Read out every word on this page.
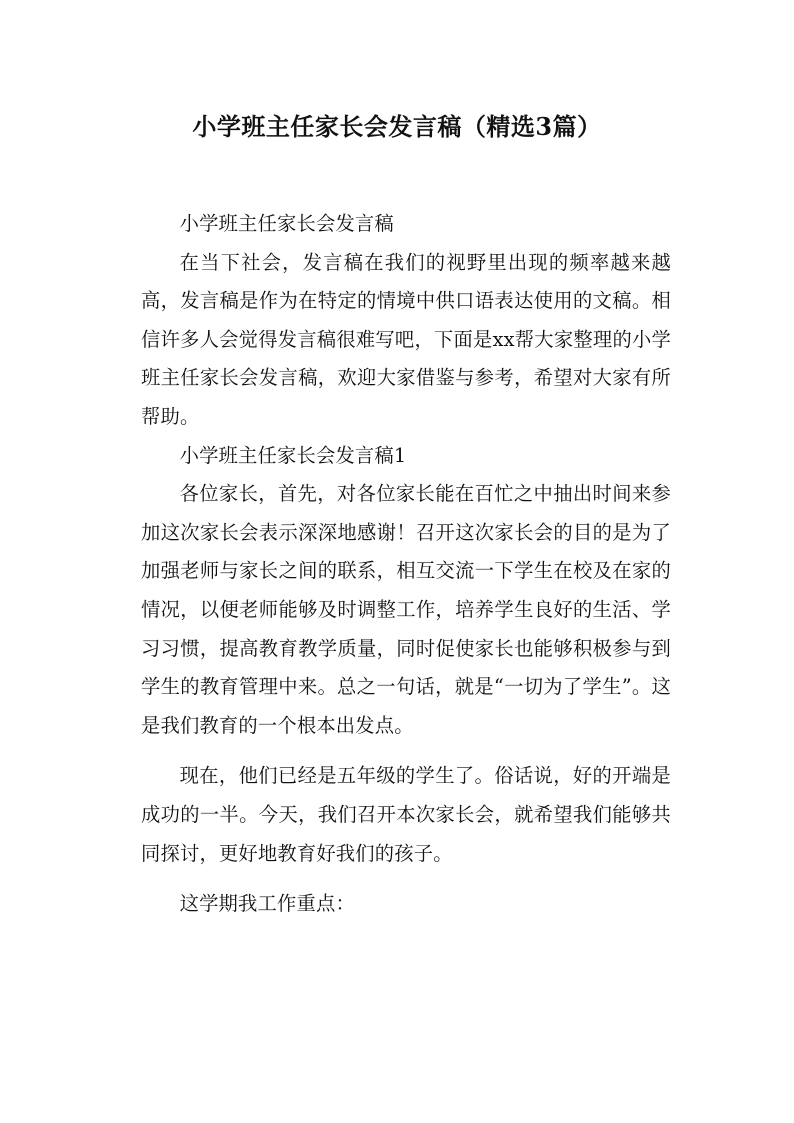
小学班主任家长会发言稿（精选3篇）

小学班主任家长会发言稿

在当下社会，发言稿在我们的视野里出现的频率越来越高，发言稿是作为在特定的情境中供口语表达使用的文稿。相信许多人会觉得发言稿很难写吧，下面是xx帮大家整理的小学班主任家长会发言稿，欢迎大家借鉴与参考，希望对大家有所帮助。

小学班主任家长会发言稿1

各位家长，首先，对各位家长能在百忙之中抽出时间来参加这次家长会表示深深地感谢！召开这次家长会的目的是为了加强老师与家长之间的联系，相互交流一下学生在校及在家的情况，以便老师能够及时调整工作，培养学生良好的生活、学习习惯，提高教育教学质量，同时促使家长也能够积极参与到学生的教育管理中来。总之一句话，就是“一切为了学生”。这是我们教育的一个根本出发点。

现在，他们已经是五年级的学生了。俗话说，好的开端是成功的一半。今天，我们召开本次家长会，就希望我们能够共同探讨，更好地教育好我们的孩子。

这学期我工作重点：
